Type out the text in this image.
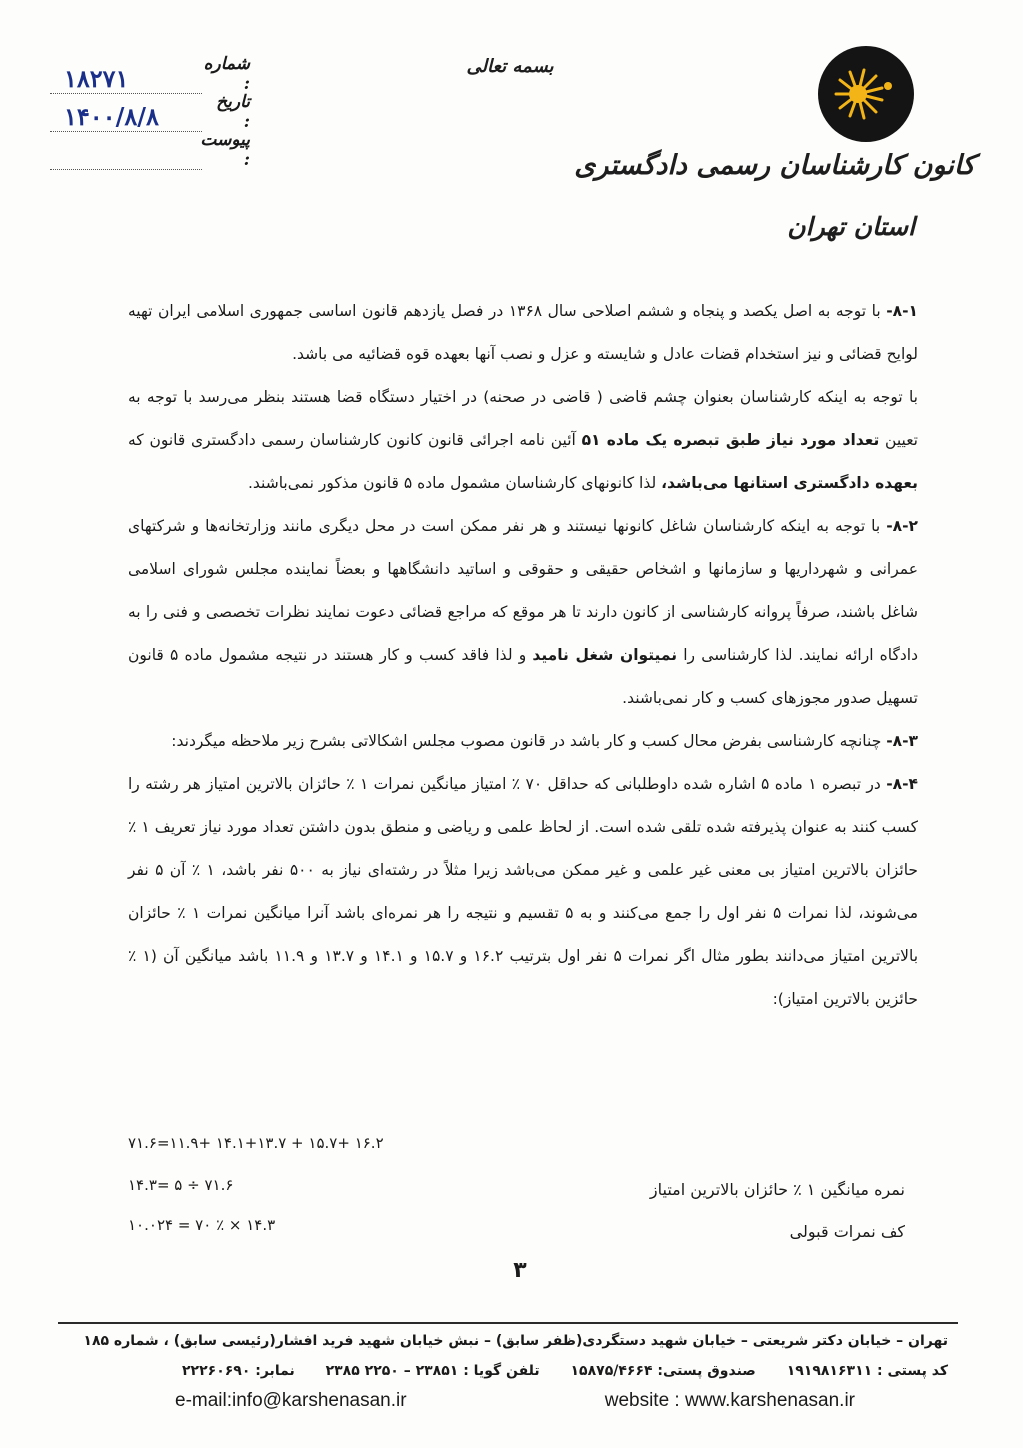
کانون کارشناسان رسمی دادگستری
استان تهران
بسمه تعالی
شماره :
۱۸۲۷۱
تاریخ :
۱۴۰۰/۸/۸
پیوست :

۸-۱- با توجه به اصل یکصد و پنجاه و ششم اصلاحی سال ۱۳۶۸ در فصل یازدهم قانون اساسی جمهوری اسلامی ایران تهیه لوایح قضائی و نیز استخدام قضات عادل و شایسته و عزل و نصب آنها بعهده قوه قضائیه می باشد.

با توجه به اینکه کارشناسان بعنوان چشم قاضی ( قاضی در صحنه) در اختیار دستگاه قضا هستند بنظر می‌رسد با توجه به تعیین تعداد مورد نیاز طبق تبصره یک ماده ۵۱ آئین نامه اجرائی قانون کانون کارشناسان رسمی دادگستری قانون که بعهده دادگستری استانها می‌باشد، لذا کانونهای کارشناسان مشمول ماده ۵ قانون مذکور نمی‌باشند.

۸-۲- با توجه به اینکه کارشناسان شاغل کانونها نیستند و هر نفر ممکن است در محل دیگری مانند وزارتخانه‌ها و شرکتهای عمرانی و شهرداریها و سازمانها و اشخاص حقیقی و حقوقی و اساتید دانشگاهها و بعضاً نماینده مجلس شورای اسلامی شاغل باشند، صرفاً پروانه کارشناسی از کانون دارند تا هر موقع که مراجع قضائی دعوت نمایند نظرات تخصصی و فنی را به دادگاه ارائه نمایند. لذا کارشناسی را نمیتوان شغل نامید و لذا فاقد کسب و کار هستند در نتیجه مشمول ماده ۵ قانون تسهیل صدور مجوزهای کسب و کار نمی‌باشند.

۸-۳- چنانچه کارشناسی بفرض محال کسب و کار باشد در قانون مصوب مجلس اشکالاتی بشرح زیر ملاحظه میگردند:

۸-۴- در تبصره ۱ ماده ۵ اشاره شده داوطلبانی که حداقل ۷۰ ٪ امتیاز میانگین نمرات ۱ ٪ حائزان بالاترین امتیاز هر رشته را کسب کنند به عنوان پذیرفته شده تلقی شده است. از لحاظ علمی و ریاضی و منطق بدون داشتن تعداد مورد نیاز تعریف ۱ ٪ حائزان بالاترین امتیاز بی معنی غیر علمی و غیر ممکن می‌باشد زیرا مثلاً در رشته‌ای نیاز به ۵۰۰ نفر باشد، ۱ ٪ آن ۵ نفر می‌شوند، لذا نمرات ۵ نفر اول را جمع می‌کنند و به ۵ تقسیم و نتیجه را هر نمره‌ای باشد آنرا میانگین نمرات ۱ ٪ حائزان بالاترین امتیاز می‌دانند بطور مثال اگر نمرات ۵ نفر اول بترتیب ۱۶.۲ و ۱۵.۷ و ۱۴.۱ و ۱۳.۷ و ۱۱.۹ باشد میانگین آن (۱ ٪ حائزین بالاترین امتیاز):

۱۶.۲ +۱۵.۷ + ۱۴.۱+۱۳.۷ +۱۱.۹=۷۱.۶
۷۱.۶ ÷ ۵ =۱۴.۳	نمره میانگین ۱ ٪ حائزان بالاترین امتیاز
۱۴.۳ × ٪ ۷۰ = ۱۰.۰۲۴	کف نمرات قبولی
۳
تهران – خیابان دکتر شریعتی – خیابان شهید دستگردی(ظفر سابق) – نبش خیابان شهید فرید افشار(رئیسی سابق) ، شماره ۱۸۵
کد پستی : ۱۹۱۹۸۱۶۳۱۱ صندوق پستی: ۱۵۸۷۵/۴۶۶۴ تلفن گویا : ۲۳۸۵۱ – ۲۲۵۰ ۲۳۸۵ نمابر: ۲۲۲۶۰۶۹۰
e-mail:info@karshenasan.ir	website : www.karshenasan.ir
